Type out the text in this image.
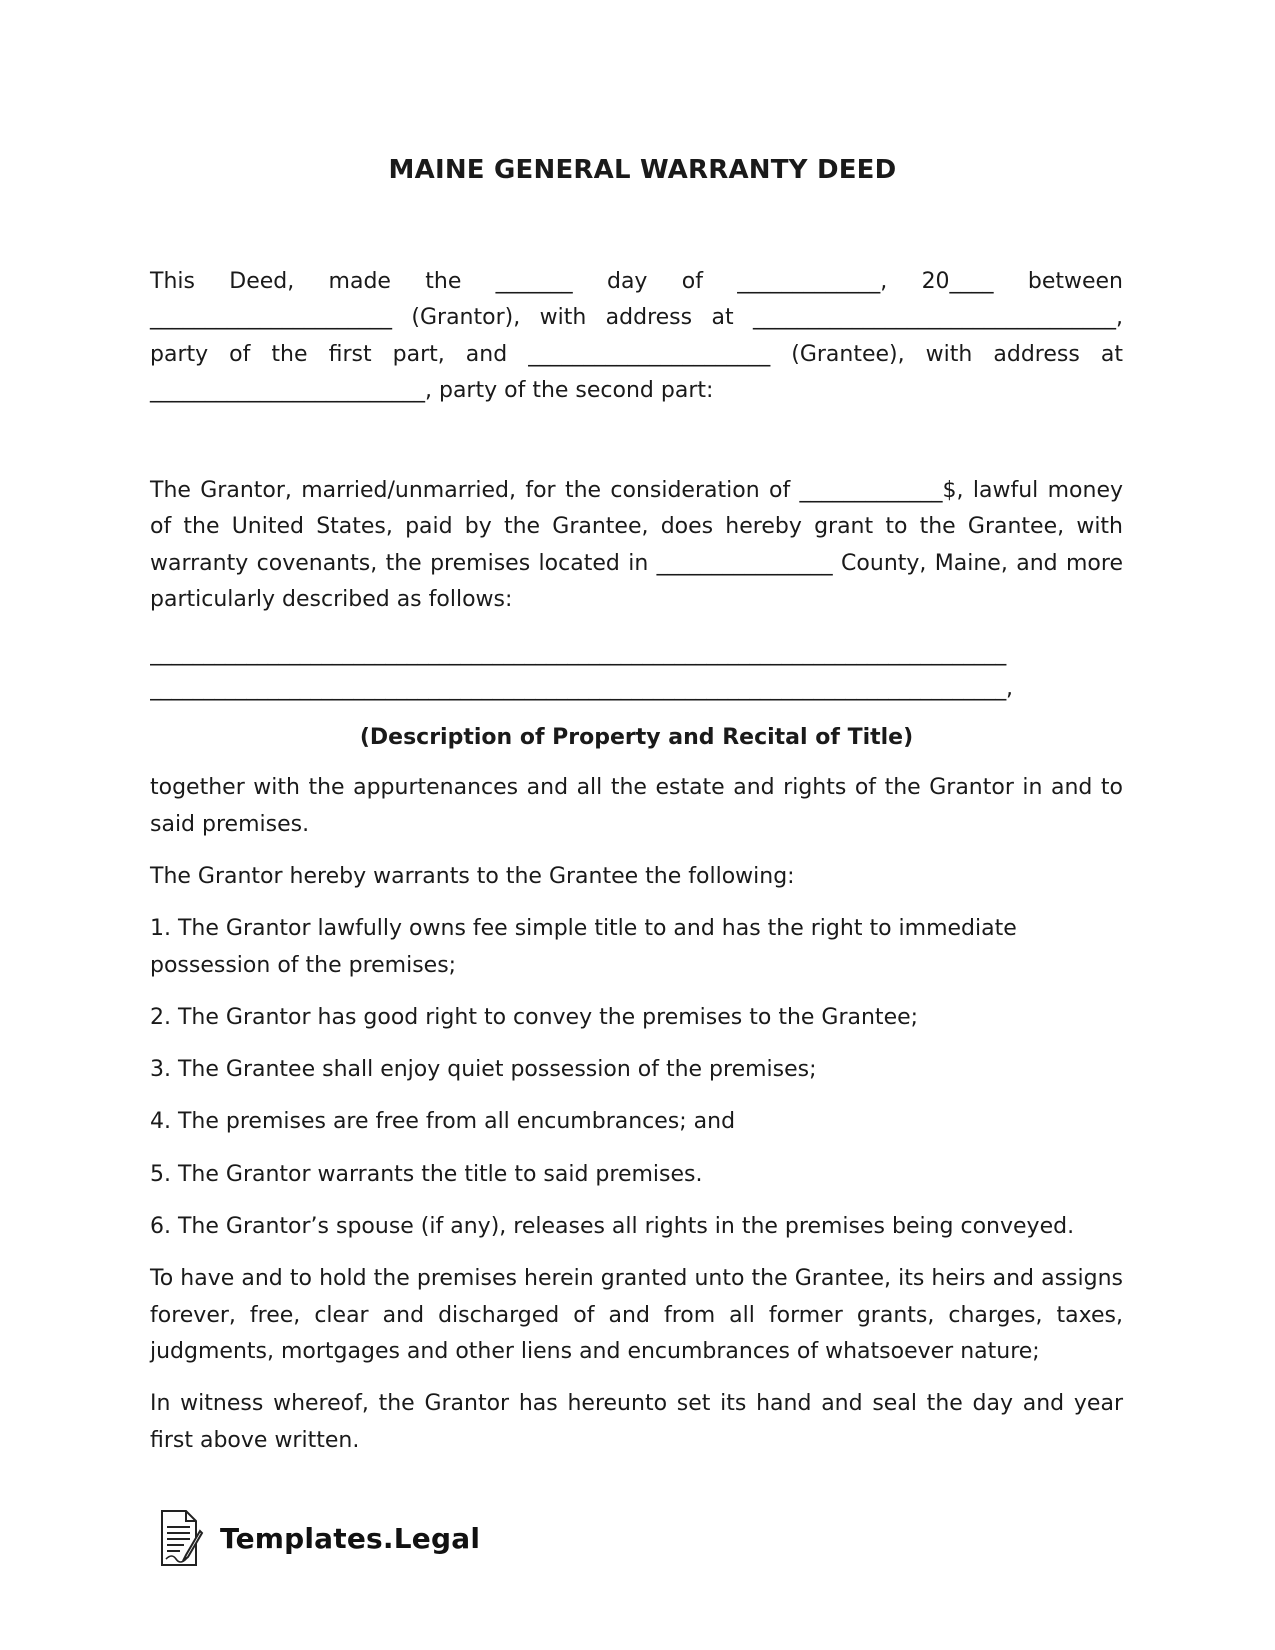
MAINE GENERAL WARRANTY DEED

This Deed, made the _______ day of _____________, 20____ between ______________________ (Grantor), with address at _________________________________, party of the first part, and ______________________ (Grantee), with address at _________________________, party of the second part:

The Grantor, married/unmarried, for the consideration of _____________$, lawful money of the United States, paid by the Grantee, does hereby grant to the Grantee, with warranty covenants, the premises located in ________________ County, Maine, and more particularly described as follows:

________________________________________________________________________________

________________________________________________________________________________,

(Description of Property and Recital of Title)

together with the appurtenances and all the estate and rights of the Grantor in and to said premises.

The Grantor hereby warrants to the Grantee the following:

1. The Grantor lawfully owns fee simple title to and has the right to immediate possession of the premises;

2. The Grantor has good right to convey the premises to the Grantee;

3. The Grantee shall enjoy quiet possession of the premises;

4. The premises are free from all encumbrances; and

5. The Grantor warrants the title to said premises.

6. The Grantor’s spouse (if any), releases all rights in the premises being conveyed.

To have and to hold the premises herein granted unto the Grantee, its heirs and assigns forever, free, clear and discharged of and from all former grants, charges, taxes, judgments, mortgages and other liens and encumbrances of whatsoever nature;

In witness whereof, the Grantor has hereunto set its hand and seal the day and year first above written.

Templates.Legal
